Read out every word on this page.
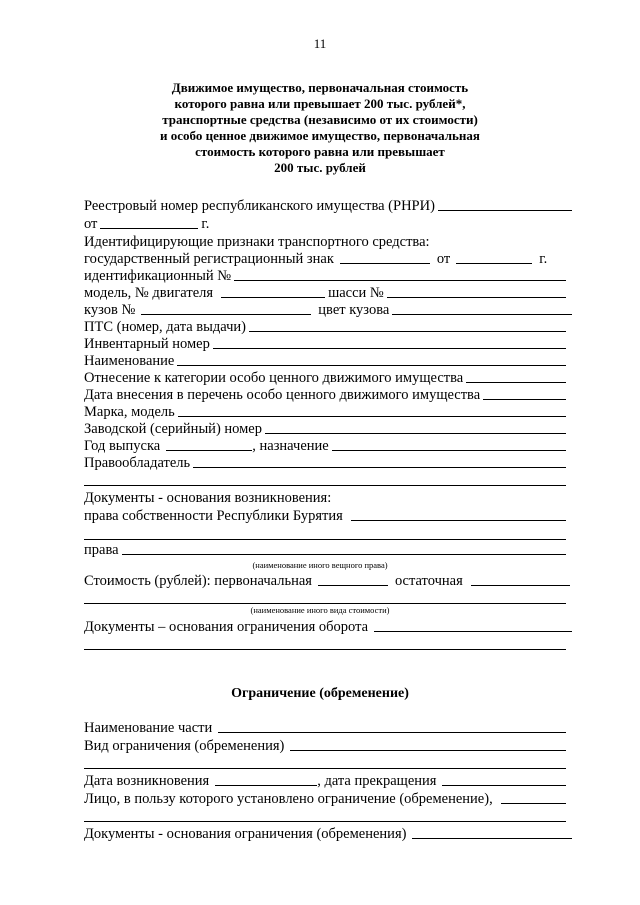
11
Движимое имущество, первоначальная стоимость
которого равна или превышает 200 тыс. рублей*,
транспортные средства (независимо от их стоимости)
и особо ценное движимое имущество, первоначальная
стоимость которого равна или превышает
200 тыс. рублей
Реестровый номер республиканского имущества (РНРИ)
от	г.
Идентифицирующие признаки транспортного средства:
государственный регистрационный знак	от	г.
идентификационный №
модель, № двигателя	шасси №
кузов №	цвет кузова
ПТС (номер, дата выдачи)
Инвентарный номер
Наименование
Отнесение к категории особо ценного движимого имущества
Дата внесения в перечень особо ценного движимого имущества
Марка, модель
Заводской (серийный) номер
Год выпуска	, назначение
Правообладатель
Документы - основания возникновения:
права собственности Республики Бурятия
права
(наименование иного вещного права)
Стоимость (рублей): первоначальная	остаточная
(наименование иного вида стоимости)
Документы – основания ограничения оборота
Ограничение (обременение)
Наименование части
Вид ограничения (обременения)
Дата возникновения	, дата прекращения
Лицо, в пользу которого установлено ограничение (обременение),
Документы - основания ограничения (обременения)
